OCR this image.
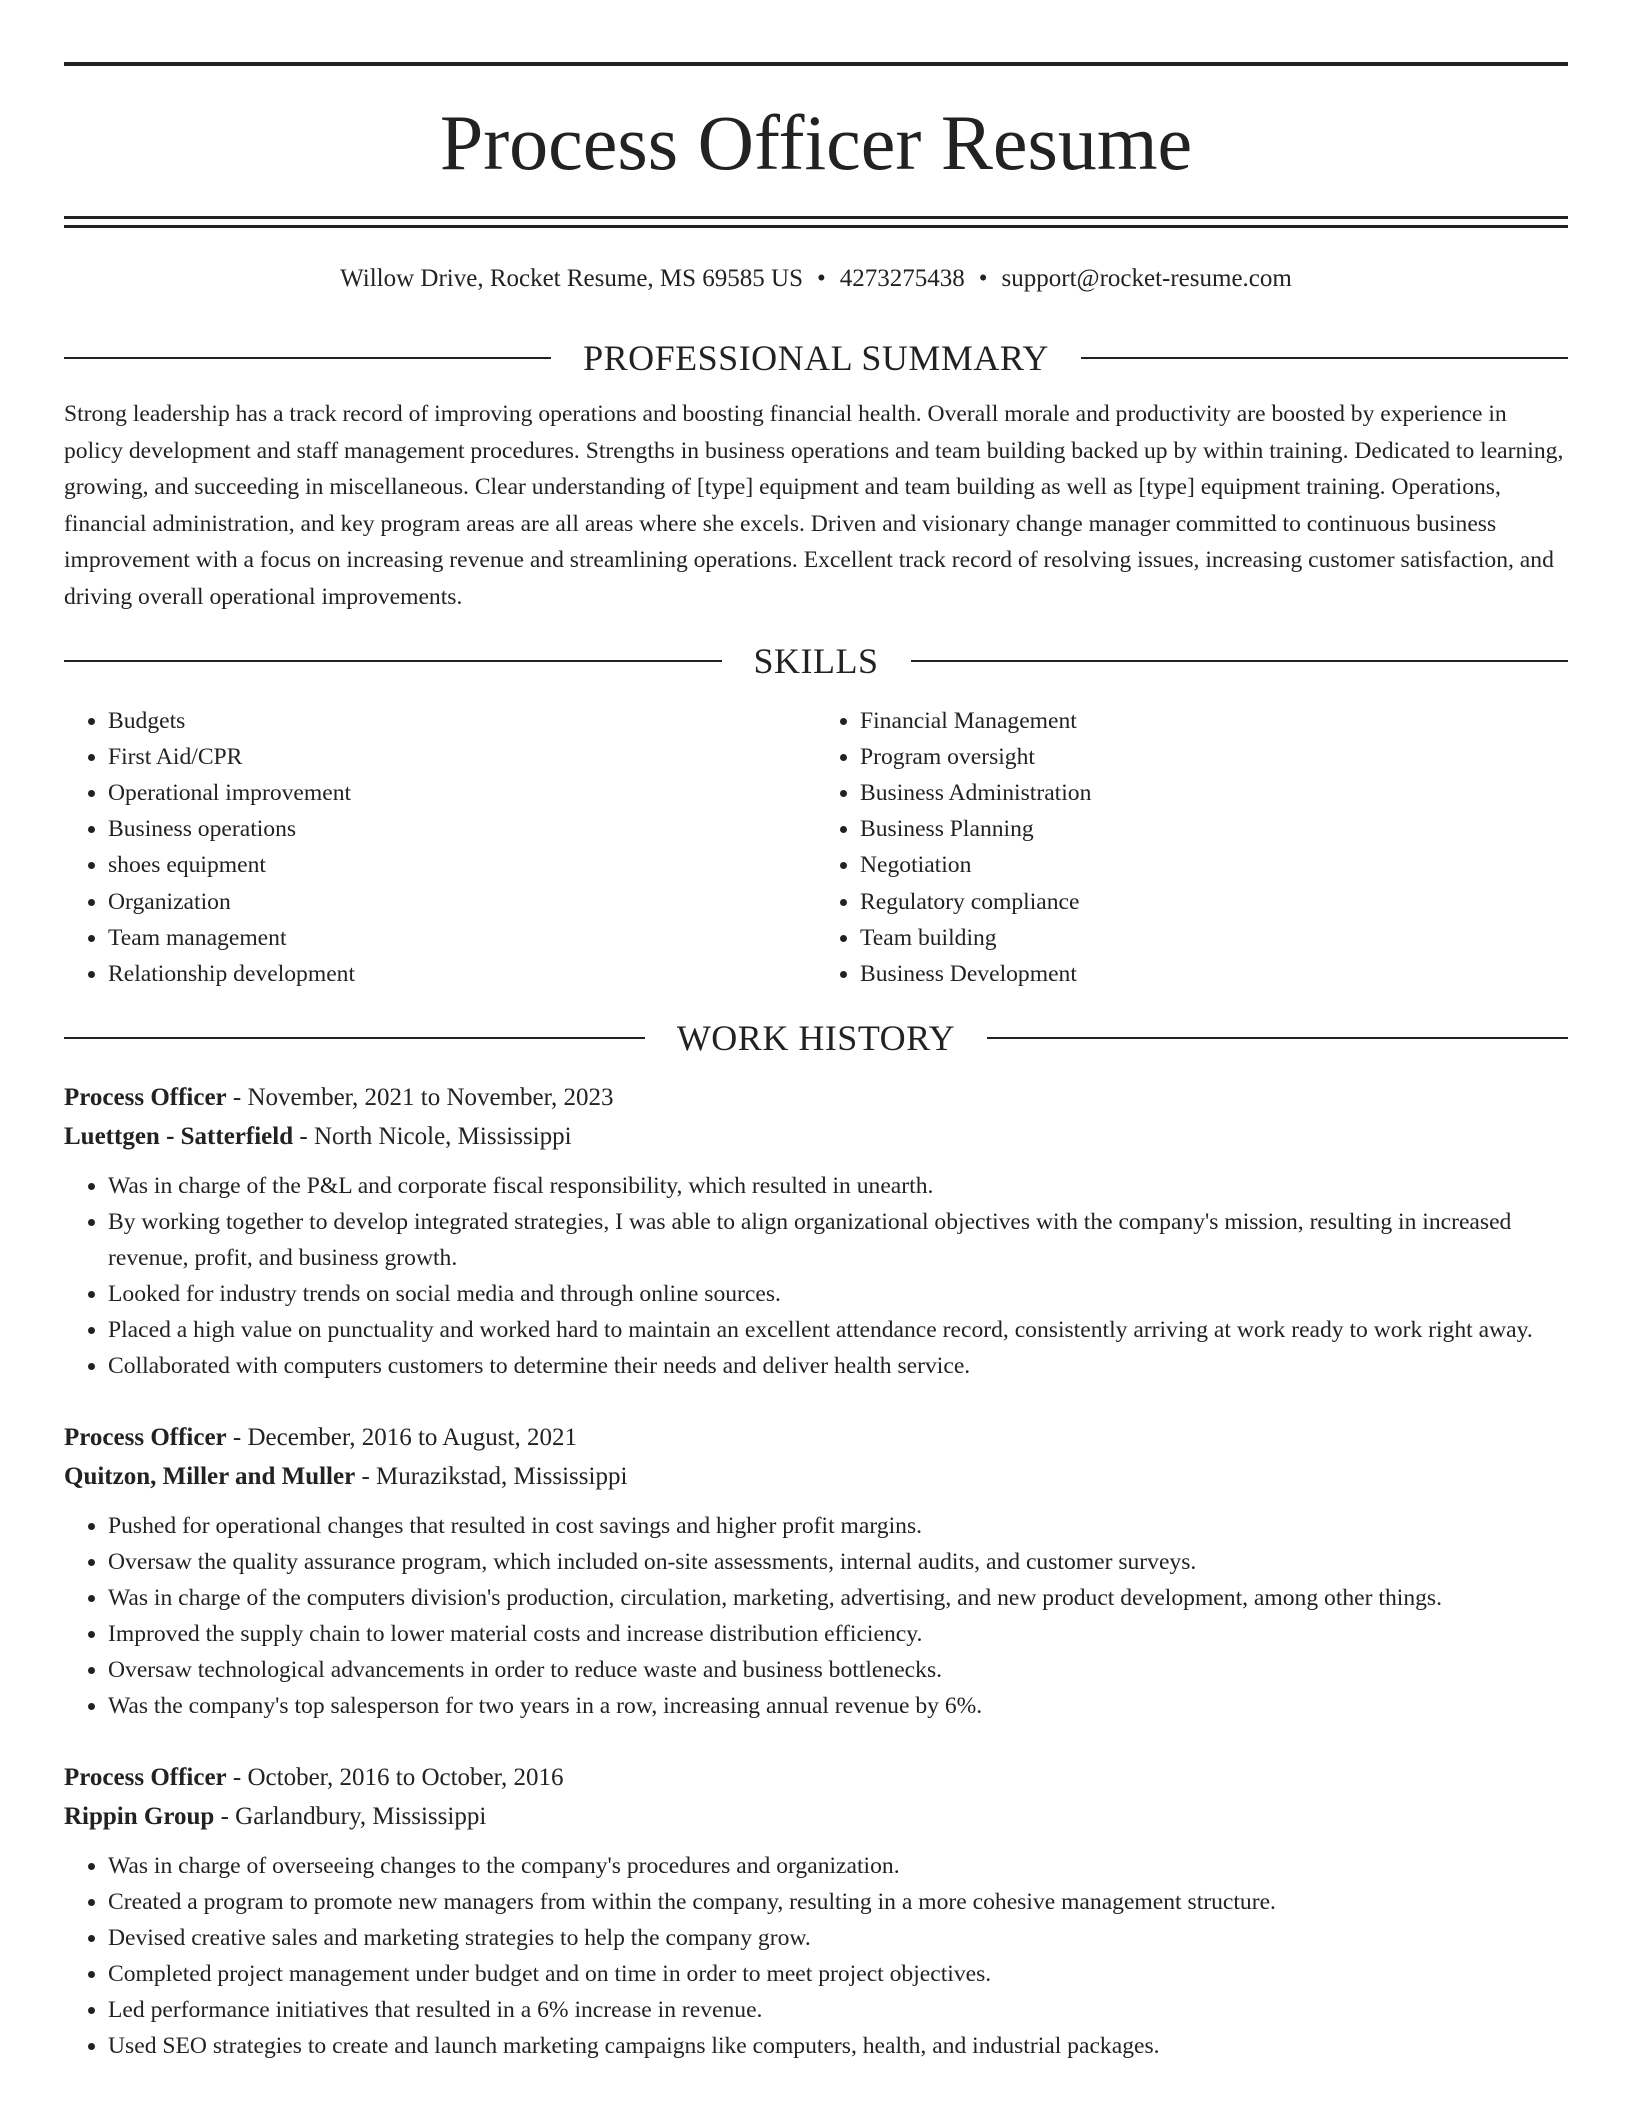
Process Officer Resume
Willow Drive, Rocket Resume, MS 69585 US • 4273275438 • support@rocket-resume.com
PROFESSIONAL SUMMARY

Strong leadership has a track record of improving operations and boosting financial health. Overall morale and productivity are boosted by experience in policy development and staff management procedures. Strengths in business operations and team building backed up by within training. Dedicated to learning, growing, and succeeding in miscellaneous. Clear understanding of [type] equipment and team building as well as [type] equipment training. Operations, financial administration, and key program areas are all areas where she excels. Driven and visionary change manager committed to continuous business improvement with a focus on increasing revenue and streamlining operations. Excellent track record of resolving issues, increasing customer satisfaction, and driving overall operational improvements.

SKILLS
• Budgets
• First Aid/CPR
• Operational improvement
• Business operations
• shoes equipment
• Organization
• Team management
• Relationship development
• Financial Management
• Program oversight
• Business Administration
• Business Planning
• Negotiation
• Regulatory compliance
• Team building
• Business Development
WORK HISTORY
Process Officer - November, 2021 to November, 2023
Luettgen - Satterfield - North Nicole, Mississippi
• Was in charge of the P&L and corporate fiscal responsibility, which resulted in unearth.
• By working together to develop integrated strategies, I was able to align organizational objectives with the company's mission, resulting in increased revenue, profit, and business growth.
• Looked for industry trends on social media and through online sources.
• Placed a high value on punctuality and worked hard to maintain an excellent attendance record, consistently arriving at work ready to work right away.
• Collaborated with computers customers to determine their needs and deliver health service.
Process Officer - December, 2016 to August, 2021
Quitzon, Miller and Muller - Murazikstad, Mississippi
• Pushed for operational changes that resulted in cost savings and higher profit margins.
• Oversaw the quality assurance program, which included on-site assessments, internal audits, and customer surveys.
• Was in charge of the computers division's production, circulation, marketing, advertising, and new product development, among other things.
• Improved the supply chain to lower material costs and increase distribution efficiency.
• Oversaw technological advancements in order to reduce waste and business bottlenecks.
• Was the company's top salesperson for two years in a row, increasing annual revenue by 6%.
Process Officer - October, 2016 to October, 2016
Rippin Group - Garlandbury, Mississippi
• Was in charge of overseeing changes to the company's procedures and organization.
• Created a program to promote new managers from within the company, resulting in a more cohesive management structure.
• Devised creative sales and marketing strategies to help the company grow.
• Completed project management under budget and on time in order to meet project objectives.
• Led performance initiatives that resulted in a 6% increase in revenue.
• Used SEO strategies to create and launch marketing campaigns like computers, health, and industrial packages.
